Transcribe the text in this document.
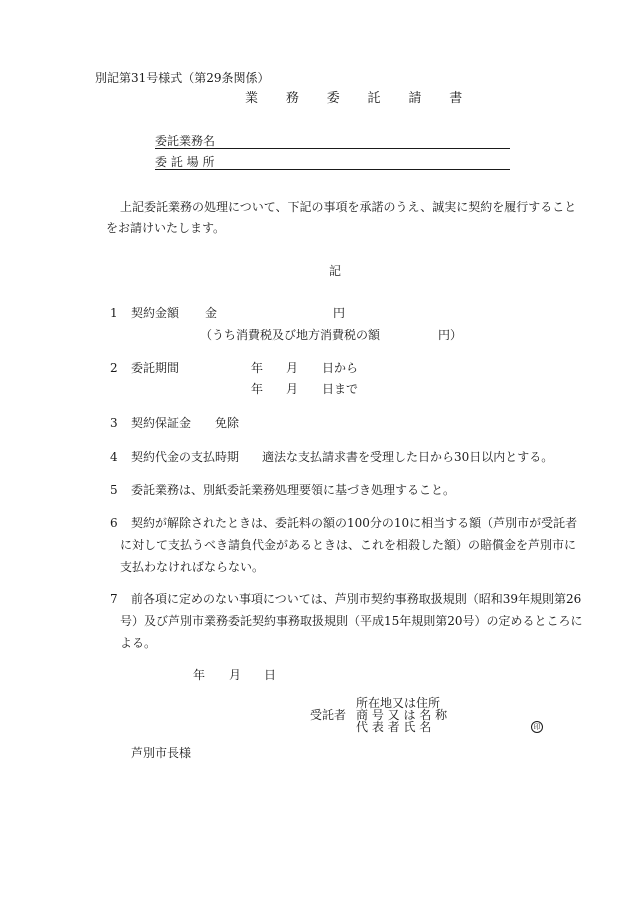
別記第31号様式（第29条関係）
業 務 委 託 請 書
委託業務名
委 託 場 所
上記委託業務の処理について、下記の事項を承諾のうえ、誠実に契約を履行すること
をお請けいたします。
記
1 契約金額 金	円
（うち消費税及び地方消費税の額	円）
2 委託期間	年 月 日から
年 月 日まで
3 契約保証金 免除
4 契約代金の支払時期 適法な支払請求書を受理した日から30日以内とする。
5 委託業務は、別紙委託業務処理要領に基づき処理すること。
6 契約が解除されたときは、委託料の額の100分の10に相当する額（芦別市が受託者
に対して支払うべき請負代金があるときは、これを相殺した額）の賠償金を芦別市に
支払わなければならない。
7 前各項に定めのない事項については、芦別市契約事務取扱規則（昭和39年規則第26
号）及び芦別市業務委託契約事務取扱規則（平成15年規則第20号）の定めるところに
よる。
年 月 日
所在地又は住所
受託者 商 号 又 は 名 称
代 表 者 氏 名	印
芦別市長様
